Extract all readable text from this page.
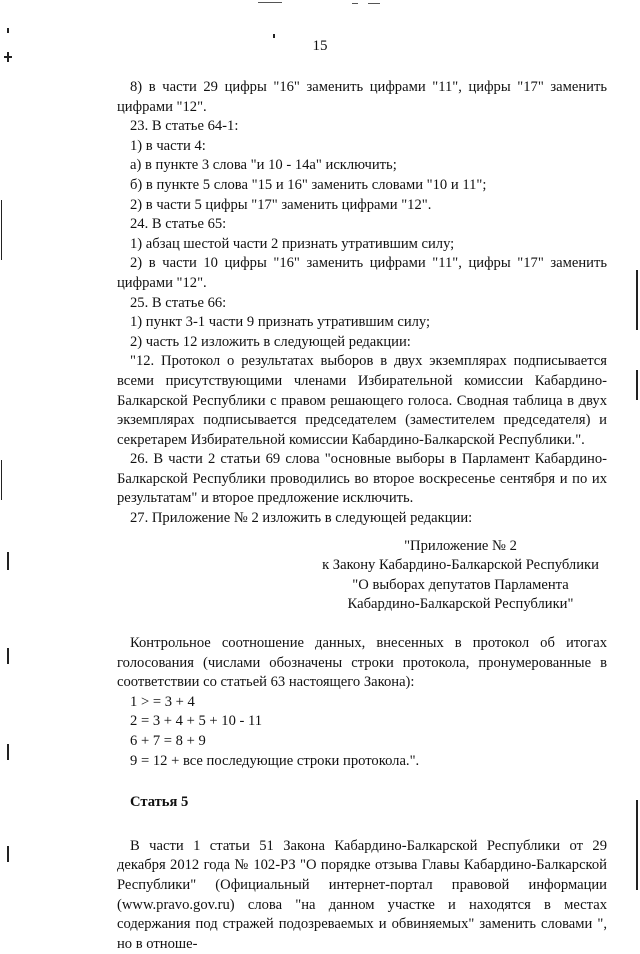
15

8) в части 29 цифры "16" заменить цифрами "11", цифры "17" заменить цифрами "12".

23. В статье 64-1:

1) в части 4:

а) в пункте 3 слова "и 10 - 14а" исключить;

б) в пункте 5 слова "15 и 16" заменить словами "10 и 11";

2) в части 5 цифры "17" заменить цифрами "12".

24. В статье 65:

1) абзац шестой части 2 признать утратившим силу;

2) в части 10 цифры "16" заменить цифрами "11", цифры "17" заменить цифрами "12".

25. В статье 66:

1) пункт 3-1 части 9 признать утратившим силу;

2) часть 12 изложить в следующей редакции:

"12. Протокол о результатах выборов в двух экземплярах подписывается всеми присутствующими членами Избирательной комиссии Кабардино-Балкарской Республики с правом решающего голоса. Сводная таблица в двух экземплярах подписывается председателем (заместителем председателя) и секретарем Избирательной комиссии Кабардино-Балкарской Республики.".

26. В части 2 статьи 69 слова "основные выборы в Парламент Кабардино-Балкарской Республики проводились во второе воскресенье сентября и по их результатам" и второе предложение исключить.

27. Приложение № 2 изложить в следующей редакции:

"Приложение № 2
к Закону Кабардино-Балкарской Республики
"О выборах депутатов Парламента
Кабардино-Балкарской Республики"

Контрольное соотношение данных, внесенных в протокол об итогах голосования (числами обозначены строки протокола, пронумерованные в соответствии со статьей 63 настоящего Закона):

1 > = 3 + 4
2 = 3 + 4 + 5 + 10 - 11
6 + 7 = 8 + 9
9 = 12 + все последующие строки протокола.".
Статья 5

В части 1 статьи 51 Закона Кабардино-Балкарской Республики от 29 декабря 2012 года № 102-РЗ "О порядке отзыва Главы Кабардино-Балкарской Республики" (Официальный интернет-портал правовой информации (www.pravo.gov.ru) слова "на данном участке и находятся в местах содержания под стражей подозреваемых и обвиняемых" заменить словами ", но в отноше-
